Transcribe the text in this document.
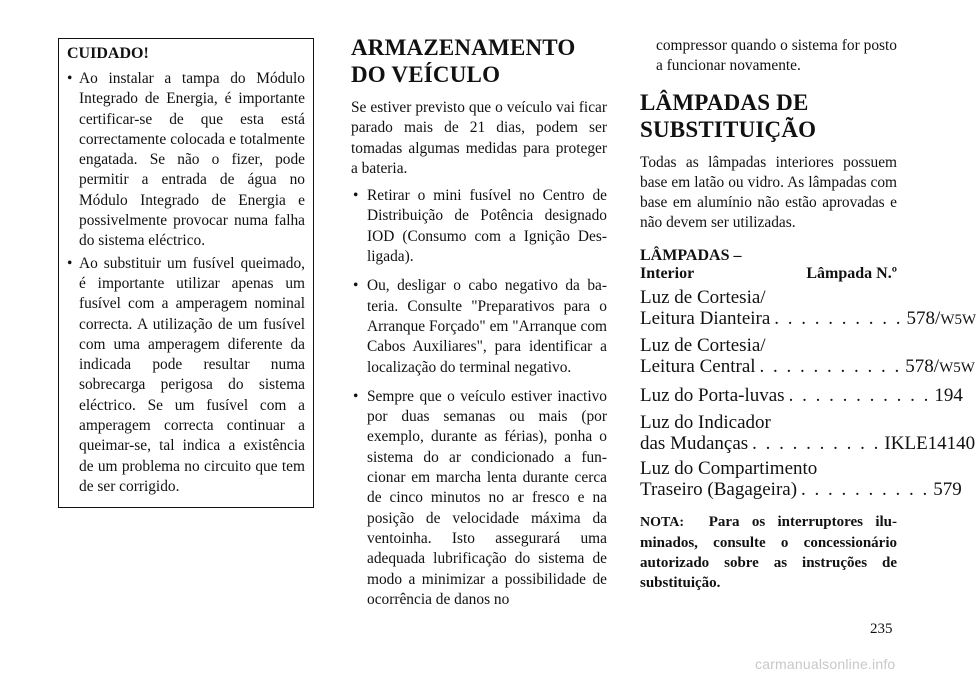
CUIDADO!
• Ao instalar a tampa do Módulo Integrado de Energia, é importante certificar-se de que esta está correctamente colocada e totalmente engatada. Se não o fizer, pode permitir a entrada de água no Módulo Integrado de Energia e possivelmente provocar numa falha do sistema eléctrico.
• Ao substituir um fusível queimado, é importante utilizar apenas um fusível com a amperagem nominal correcta. A utilização de um fusível com uma amperagem diferente da indicada pode resultar numa sobrecarga perigosa do sistema eléctrico. Se um fusível com a amperagem correcta continuar a queimar-se, tal indica a existência de um problema no circuito que tem de ser corrigido.
ARMAZENAMENTO DO VEÍCULO

Se estiver previsto que o veículo vai ficar parado mais de 21 dias, podem ser tomadas algumas medidas para proteger a bateria.

• Retirar o mini fusível no Centro de Distribuição de Potência designado IOD (Consumo com a Ignição Desligada).
• Ou, desligar o cabo negativo da bateria. Consulte "Preparativos para o Arranque Forçado" em "Arranque com Cabos Auxiliares", para identificar a localização do terminal negativo.
• Sempre que o veículo estiver inactivo por duas semanas ou mais (por exemplo, durante as férias), ponha o sistema do ar condicionado a funcionar em marcha lenta durante cerca de cinco minutos no ar fresco e na posição de velocidade máxima da ventoinha. Isto assegurará uma adequada lubrificação do sistema de modo a minimizar a possibilidade de ocorrência de danos no

compressor quando o sistema for posto a funcionar novamente.

LÂMPADAS DE SUBSTITUIÇÃO

Todas as lâmpadas interiores possuem base em latão ou vidro. As lâmpadas com base em alumínio não estão aprovadas e não devem ser utilizadas.

LÂMPADAS –
Interior	Lâmpada N.º
Luz de Cortesia/
Leitura Dianteira . . . . . . . . . . 578/W5W
Luz de Cortesia/
Leitura Central . . . . . . . . . . . 578/W5W
Luz do Porta-luvas . . . . . . . . . . . 194
Luz do Indicador
das Mudanças . . . . . . . . . . IKLE14140
Luz do Compartimento
Traseiro (Bagageira) . . . . . . . . . . 579

NOTA: Para os interruptores iluminados, consulte o concessionário autorizado sobre as instruções de substituição.

235
carmanualsonline.info
